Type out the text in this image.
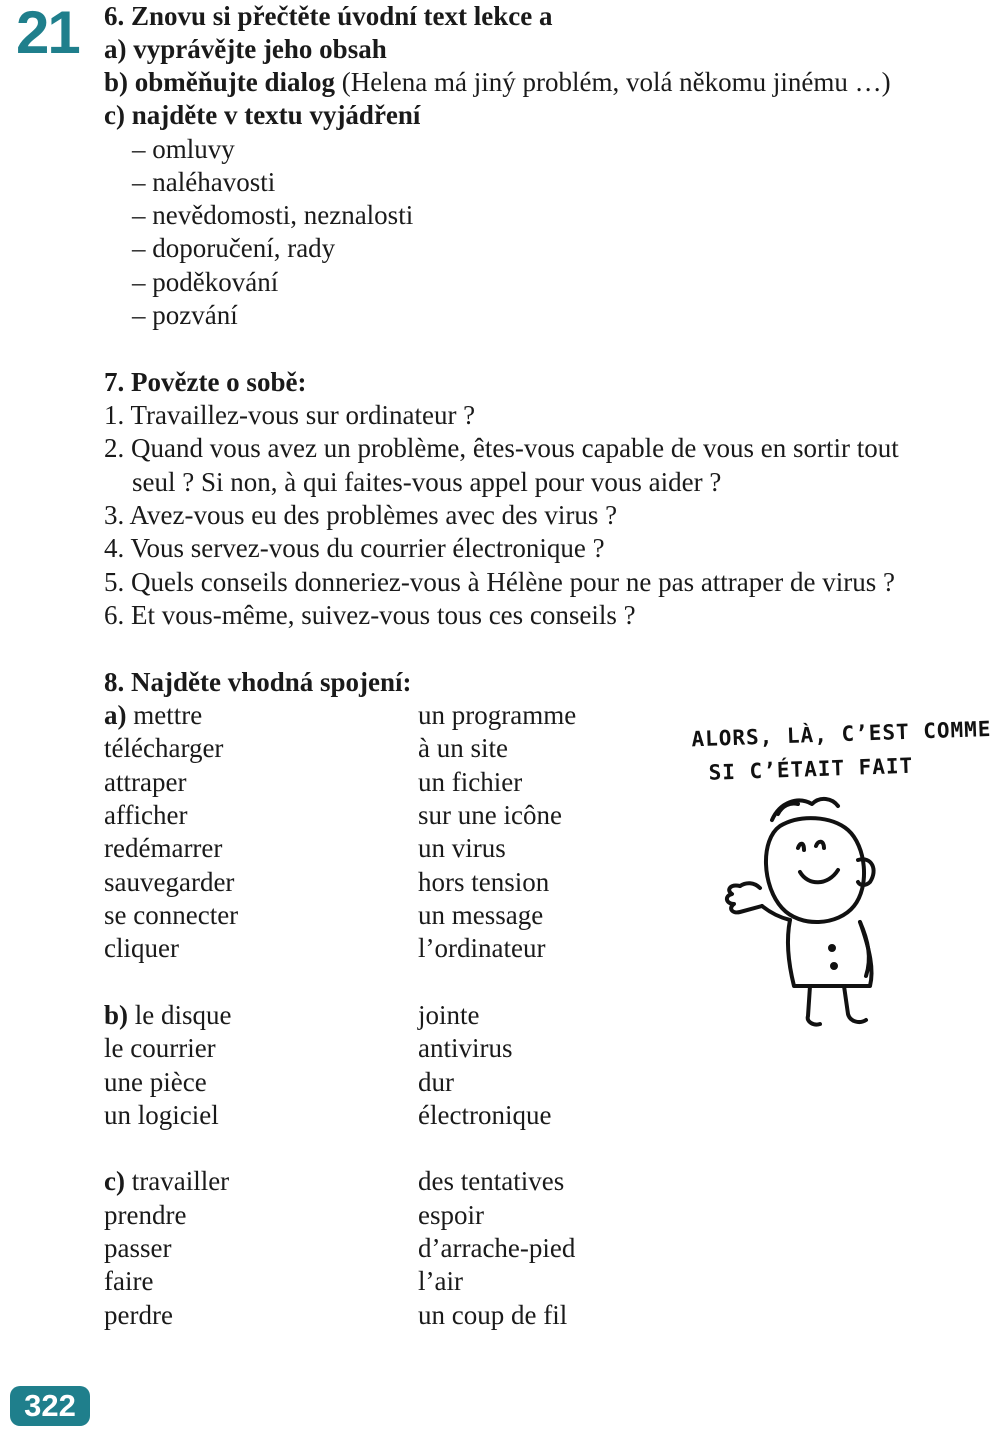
21 6. Znovu si přečtěte úvodní text lekce a
a) vyprávějte jeho obsah
b) obměňujte dialog (Helena má jiný problém, volá někomu jinému …)
c) najděte v textu vyjádření
– omluvy
– naléhavosti
– nevědomosti, neznalosti
– doporučení, rady
– poděkování
– pozvání
7. Povězte o sobě:
1. Travaillez-vous sur ordinateur ?
2. Quand vous avez un problème, êtes-vous capable de vous en sortir tout
seul ? Si non, à qui faites-vous appel pour vous aider ?
3. Avez-vous eu des problèmes avec des virus ?
4. Vous servez-vous du courrier électronique ?
5. Quels conseils donneriez-vous à Hélène pour ne pas attraper de virus ?
6. Et vous-même, suivez-vous tous ces conseils ?
8. Najděte vhodná spojení:
a) mettre
télécharger
attraper
afficher
redémarrer
sauvegarder
se connecter
cliquer
un programme
à un site
un fichier
sur une icône
un virus
hors tension
un message
l’ordinateur
b) le disque
le courrier
une pièce
un logiciel
jointe
antivirus
dur
électronique
c) travailler
prendre
passer
faire
perdre
des tentatives
espoir
d’arrache-pied
l’air
un coup de fil
ALORS, LÀ, C’EST COMME
SI C’ÉTAIT FAIT
322
